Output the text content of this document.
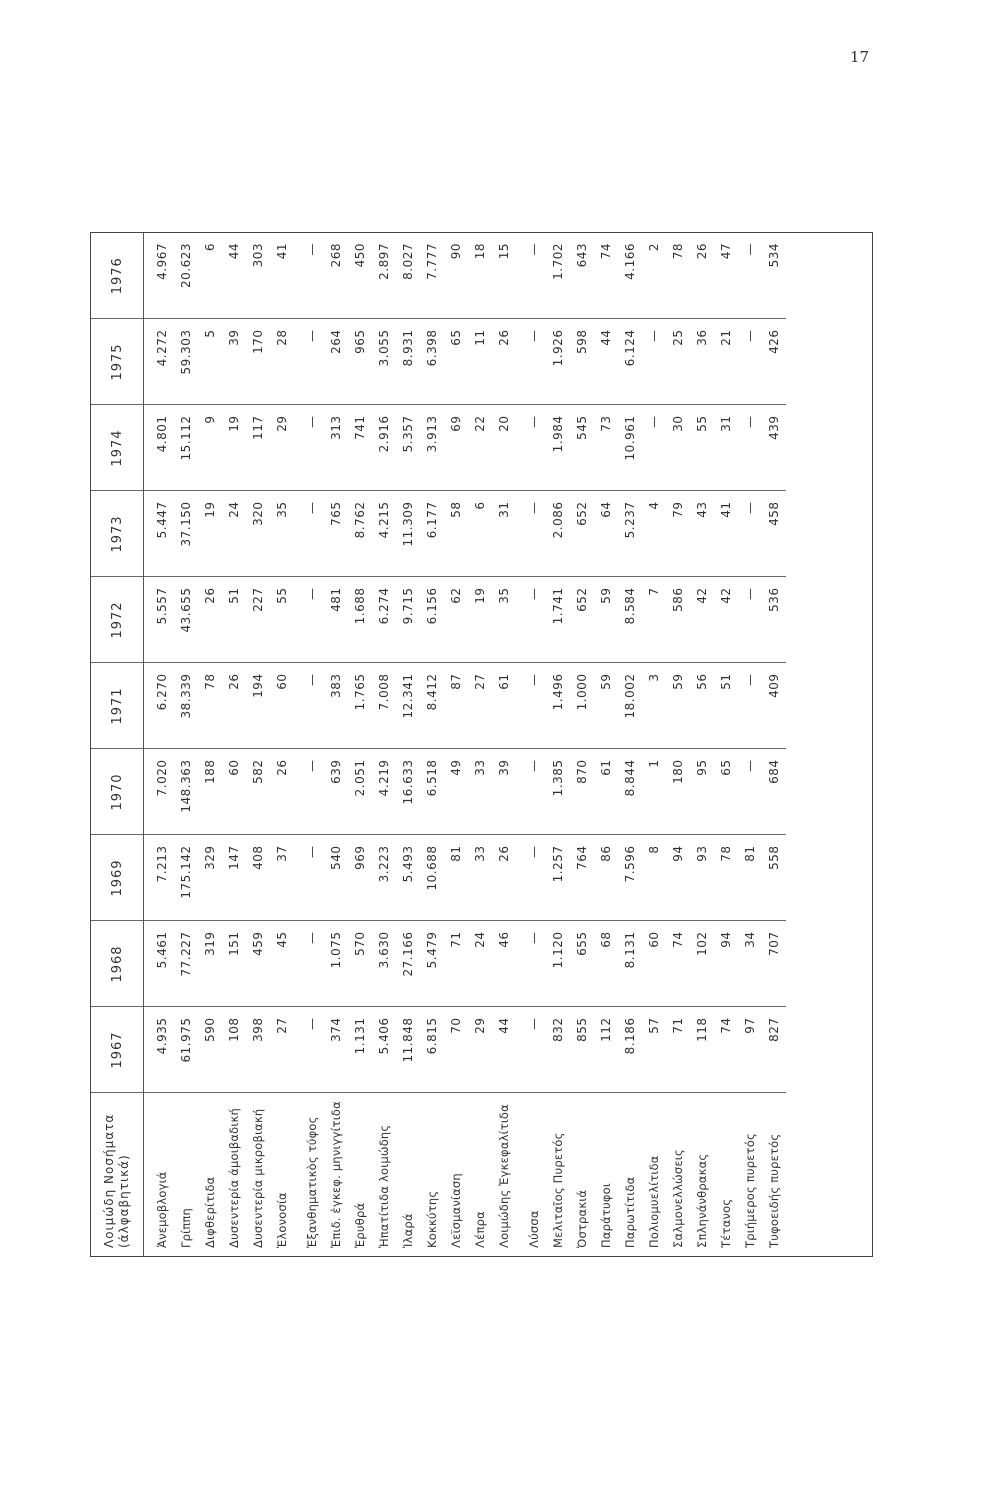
17
Λοιμώδη Νοσήματα
(άλφαβητικά)	1967	1968	1969	1970	1971	1972	1973	1974	1975	1976
Ἀνεμοβλογιά	4.935	5.461	7.213	7.020	6.270	5.557	5.447	4.801	4.272	4.967
Γρίππη	61.975	77.227	175.142	148.363	38.339	43.655	37.150	15.112	59.303	20.623
Διφθερίτιδα	590	319	329	188	78	26	19	9	5	6
Δυσεντερία άμοιβαδική	108	151	147	60	26	51	24	19	39	44
Δυσεντερία μικροβιακή	398	459	408	582	194	227	320	117	170	303
Ἑλονοσία	27	45	37	26	60	55	35	29	28	41
Ἐξανθηματικὸς τύφος	—	—	—	—	—	—	—	—	—	—
Ἐπιδ. ἐγκεφ. μηνιγγίτιδα	374	1.075	540	639	383	481	765	313	264	268
Ἐρυθρά	1.131	570	969	2.051	1.765	1.688	8.762	741	965	450
Ἡπατίτιδα λοιμώδης	5.406	3.630	3.223	4.219	7.008	6.274	4.215	2.916	3.055	2.897
Ἰλαρά	11.848	27.166	5.493	16.633	12.341	9.715	11.309	5.357	8.931	8.027
Κοκκύτης	6.815	5.479	10.688	6.518	8.412	6.156	6.177	3.913	6.398	7.777
Λεϊσμανίαση	70	71	81	49	87	62	58	69	65	90
Λέπρα	29	24	33	33	27	19	6	22	11	18
Λοιμώδης Ἐγκεφαλίτιδα	44	46	26	39	61	35	31	20	26	15
Λύσσα	—	—	—	—	—	—	—	—	—	—
Μελιταῖος Πυρετός	832	1.120	1.257	1.385	1.496	1.741	2.086	1.984	1.926	1.702
Ὀστρακιά	855	655	764	870	1.000	652	652	545	598	643
Παράτυφοι	112	68	86	61	59	59	64	73	44	74
Παρωτίτιδα	8.186	8.131	7.596	8.844	18.002	8.584	5.237	10.961	6.124	4.166
Πολιομυελίτιδα	57	60	8	1	3	7	4	—	—	2
Σαλμονελλώσεις	71	74	94	180	59	586	79	30	25	78
Σπληνάνθρακας	118	102	93	95	56	42	43	55	36	26
Τέτανος	74	94	78	65	51	42	41	31	21	47
Τριήμερος πυρετός	97	34	81	—	—	—	—	—	—	—
Τυφοειδής πυρετός	827	707	558	684	409	536	458	439	426	534
